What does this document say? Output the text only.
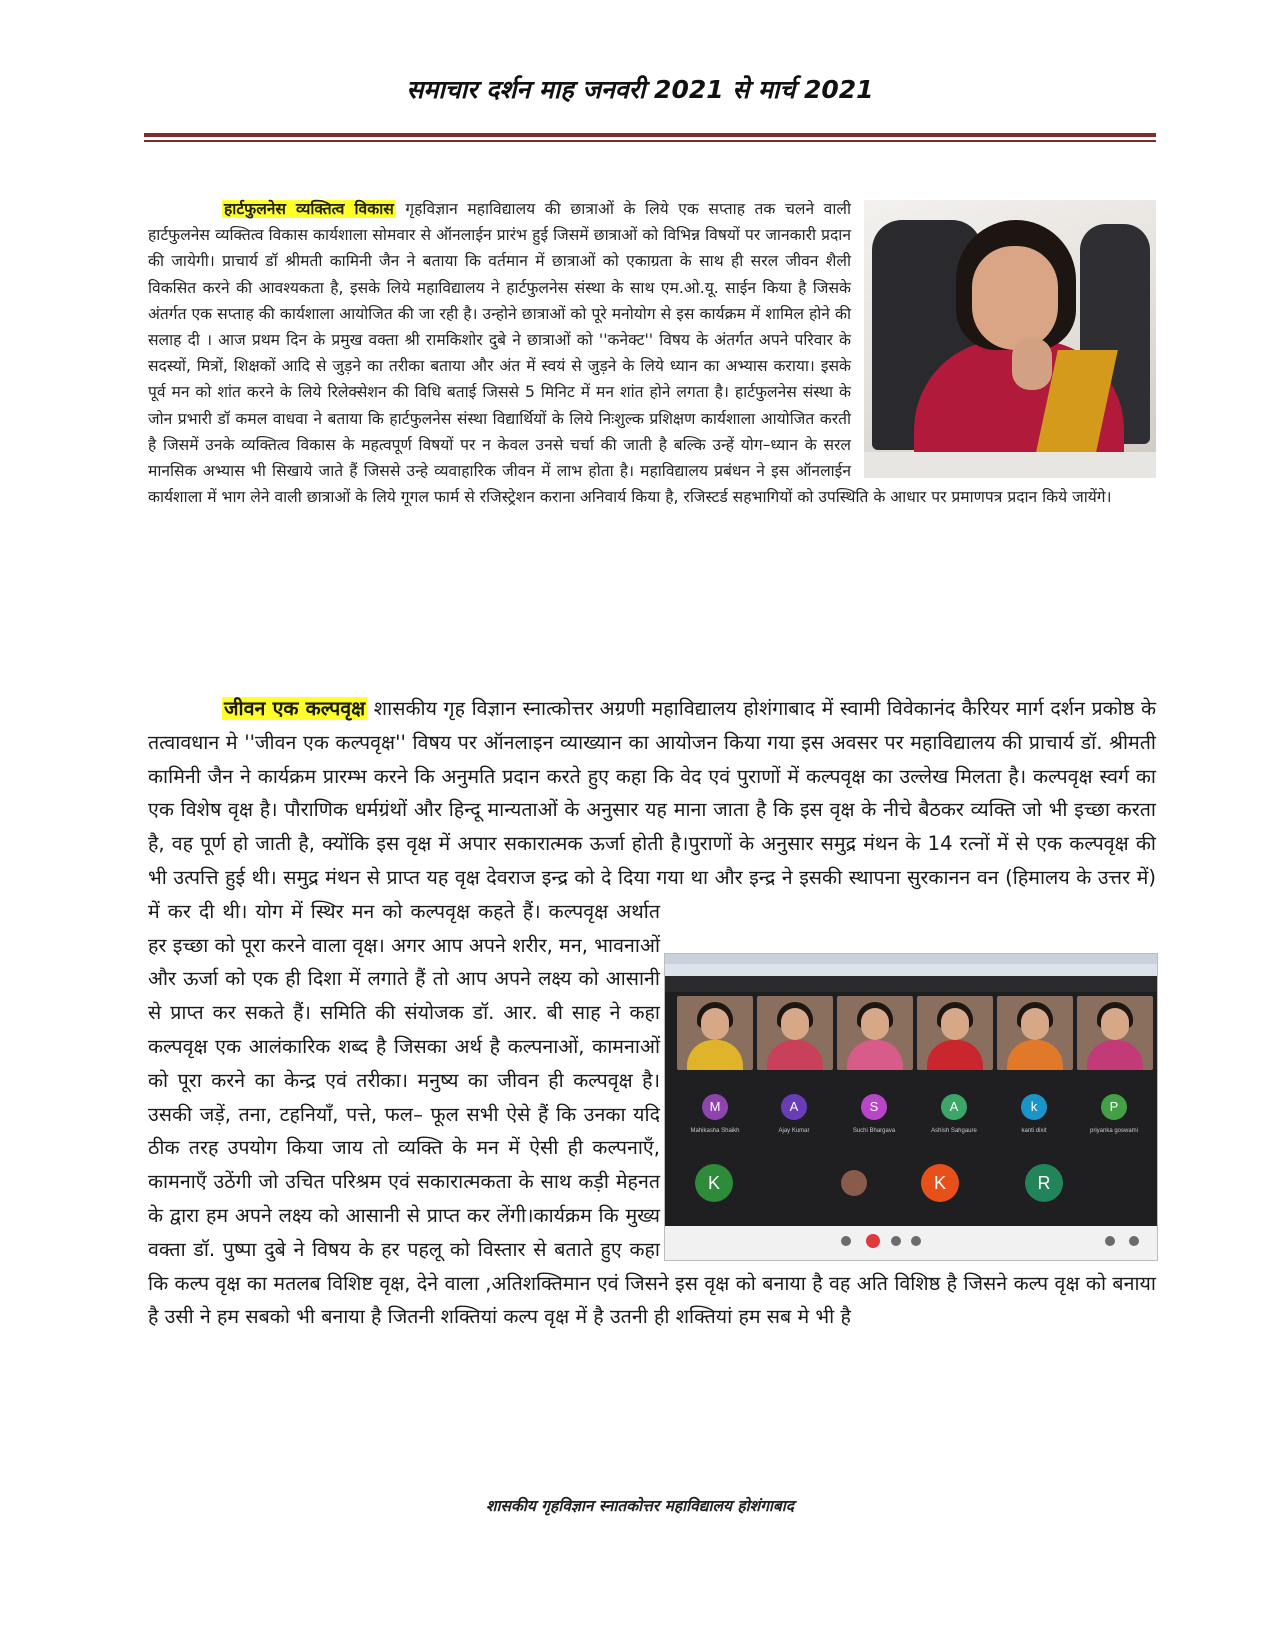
समाचार दर्शन माह जनवरी 2021 से मार्च 2021

हार्टफुलनेस व्यक्तित्व विकास गृहविज्ञान महाविद्यालय की छात्राओं के लिये एक सप्ताह तक चलने वाली हार्टफुलनेस व्यक्तित्व विकास कार्यशाला सोमवार से ऑनलाईन प्रारंभ हुई जिसमें छात्राओं को विभिन्न विषयों पर जानकारी प्रदान की जायेगी। प्राचार्य डॉ श्रीमती कामिनी जैन ने बताया कि वर्तमान में छात्राओं को एकाग्रता के साथ ही सरल जीवन शैली विकसित करने की आवश्यकता है, इसके लिये महाविद्यालय ने हार्टफुलनेस संस्था के साथ एम.ओ.यू. साईन किया है जिसके अंतर्गत एक सप्ताह की कार्यशाला आयोजित की जा रही है। उन्होने छात्राओं को पूरे मनोयोग से इस कार्यक्रम में शामिल होने की सलाह दी । आज प्रथम दिन के प्रमुख वक्ता श्री रामकिशोर दुबे ने छात्राओं को ''कनेक्ट'' विषय के अंतर्गत अपने परिवार के सदस्यों, मित्रों, शिक्षकों आदि से जुड़ने का तरीका बताया और अंत में स्वयं से जुड़ने के लिये ध्यान का अभ्यास कराया। इसके पूर्व मन को शांत करने के लिये रिलेक्सेशन की विधि बताई जिससे 5 मिनिट में मन शांत होने लगता है। हार्टफुलनेस संस्था के जोन प्रभारी डॉ कमल वाधवा ने बताया कि हार्टफुलनेस संस्था विद्यार्थियों के लिये निःशुल्क प्रशिक्षण कार्यशाला आयोजित करती है जिसमें उनके व्यक्तित्व विकास के महत्वपूर्ण विषयों पर न केवल उनसे चर्चा की जाती है बल्कि उन्हें योग–ध्यान के सरल मानसिक अभ्यास भी सिखाये जाते हैं जिससे उन्हे व्यवाहारिक जीवन में लाभ होता है। महाविद्यालय प्रबंधन ने इस ऑनलाईन कार्यशाला में भाग लेने वाली छात्राओं के लिये गूगल फार्म से रजिस्ट्रेशन कराना अनिवार्य किया है, रजिस्टर्ड सहभागियों को उपस्थिति के आधार पर प्रमाणपत्र प्रदान किये जायेंगे।

जीवन एक कल्पवृक्ष शासकीय गृह विज्ञान स्नात्कोत्तर अग्रणी महाविद्यालय होशंगाबाद में स्वामी विवेकानंद कैरियर मार्ग दर्शन प्रकोष्ठ के तत्वावधान मे ''जीवन एक कल्पवृक्ष'' विषय पर ऑनलाइन व्याख्यान का आयोजन किया गया इस अवसर पर महाविद्यालय की प्राचार्य डॉ. श्रीमती कामिनी जैन ने कार्यक्रम प्रारम्भ करने कि अनुमति प्रदान करते हुए कहा कि वेद एवं पुराणों में कल्पवृक्ष का उल्लेख मिलता है। कल्पवृक्ष स्वर्ग का एक विशेष वृक्ष है। पौराणिक धर्मग्रंथों और हिन्दू मान्यताओं के अनुसार यह माना जाता है कि इस वृक्ष के नीचे बैठकर व्यक्ति जो भी इच्छा करता है, वह पूर्ण हो जाती है, क्योंकि इस वृक्ष में अपार सकारात्मक ऊर्जा होती है।पुराणों के अनुसार समुद्र मंथन के 14 रत्नों में से एक कल्पवृक्ष की भी उत्पत्ति हुई थी। समुद्र मंथन से प्राप्त यह वृक्ष देवराज इन्द्र को दे दिया गया था और इन्द्र ने इसकी स्थापना सुरकानन वन (हिमालय के उत्तर में) में कर दी थी। योग में स्थिर मन को कल्पवृक्ष कहते हैं। कल्पवृक्ष अर्थात हर इच्छा को पूरा करने वाला वृक्ष। अगर आप अपने शरीर, मन, भावनाओं और ऊर्जा को एक ही दिशा में लगाते हैं तो आप अपने लक्ष्य को आसानी से प्राप्त कर सकते हैं। समिति की संयोजक डॉ. आर. बी साह ने कहा कल्पवृक्ष एक आलंकारिक शब्द है जिसका अर्थ है कल्पनाओं, कामनाओं को पूरा करने का केन्द्र एवं तरीका। मनुष्य का जीवन ही कल्पवृक्ष है। उसकी जड़ें, तना, टहनियाँ, पत्ते, फल– फूल सभी ऐसे हैं कि उनका यदि ठीक तरह उपयोग किया जाय तो व्यक्ति के मन में ऐसी ही कल्पनाएँ, कामनाएँ उठेंगी जो उचित परिश्रम एवं सकारात्मकता के साथ कड़ी मेहनत के द्वारा हम अपने लक्ष्य को आसानी से प्राप्त कर लेंगी।कार्यक्रम कि मुख्य वक्ता डॉ. पुष्पा दुबे ने विषय के हर पहलू को विस्तार से बताते हुए कहा कि कल्प वृक्ष का मतलब विशिष्ट वृक्ष, देने वाला ,अतिशक्तिमान एवं जिसने इस वृक्ष को बनाया है वह अति विशिष्ठ है जिसने कल्प वृक्ष को बनाया है उसी ने हम सबको भी बनाया है जितनी शक्तियां कल्प वृक्ष में है उतनी ही शक्तियां हम सब मे भी है

M
Mahikasha Shaikh
A
Ajay Kumar
S
Suchi Bhargava
A
Ashish Sahgaure
k
kanti dixit
P
priyanka goswami
K	K	R
शासकीय गृहविज्ञान स्नातकोत्तर महाविद्यालय होशंगाबाद
